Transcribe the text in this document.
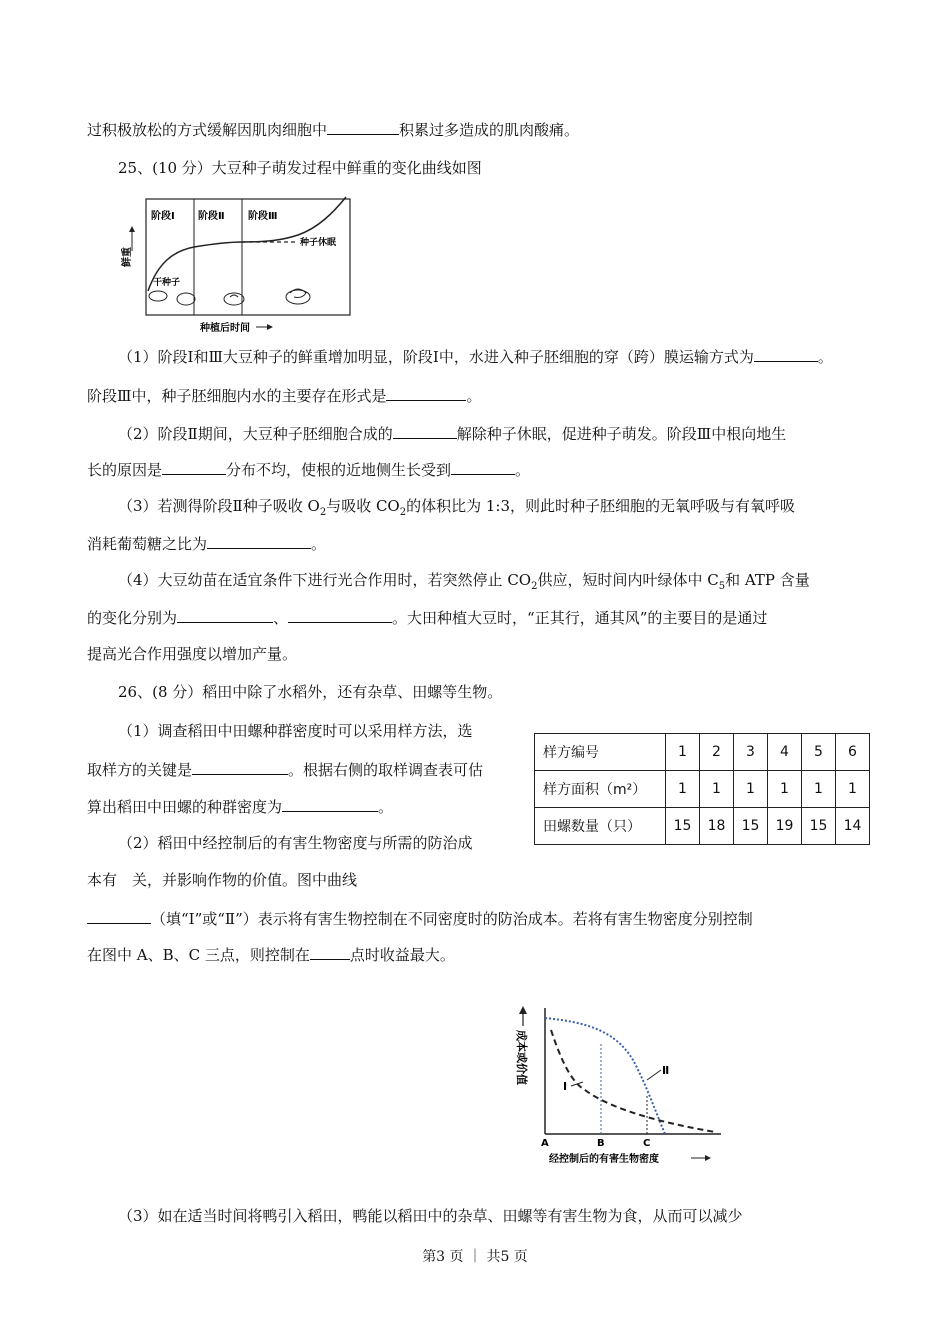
过积极放松的方式缓解因肌肉细胞中	积累过多造成的肌肉酸痛。
25、(10 分）大豆种子萌发过程中鲜重的变化曲线如图
阶段Ⅰ 阶段Ⅱ 阶段Ⅲ
鲜重
种子休眠
干种子
种植后时间
（1）阶段Ⅰ和Ⅲ大豆种子的鲜重增加明显，阶段Ⅰ中，水进入种子胚细胞的穿（跨）膜运输方式为	。
阶段Ⅲ中，种子胚细胞内水的主要存在形式是	。
（2）阶段Ⅱ期间，大豆种子胚细胞合成的	解除种子休眠，促进种子萌发。阶段Ⅲ中根向地生
长的原因是	分布不均，使根的近地侧生长受到	。
（3）若测得阶段Ⅱ种子吸收 $O_2$与吸收 $CO_2$的体积比为 1:3，则此时种子胚细胞的无氧呼吸与有氧呼吸
消耗葡萄糖之比为	。
（4）大豆幼苗在适宜条件下进行光合作用时，若突然停止 $CO_2$供应，短时间内叶绿体中 $C_5$和 ATP 含量
的变化分别为	、	。大田种植大豆时，“正其行，通其风”的主要目的是通过
提高光合作用强度以增加产量。
26、(8 分）稻田中除了水稻外，还有杂草、田螺等生物。
（1）调查稻田中田螺种群密度时可以采用样方法，选
取样方的关键是	。根据右侧的取样调查表可估
算出稻田中田螺的种群密度为	。
（2）稻田中经控制后的有害生物密度与所需的防治成
本有　关，并影响作物的价值。图中曲线
（填“Ⅰ”或“Ⅱ”）表示将有害生物控制在不同密度时的防治成本。若将有害生物密度分别控制
在图中 A、B、C 三点，则控制在	点时收益最大。
样方编号	1	2	3	4	5	6
样方面积（m²）	1	1	1	1	1	1
田螺数量（只）	15	18	15	19	15	14
成本或价值	Ⅱ
Ⅰ
A	B	C
经控制后的有害生物密度
（3）如在适当时间将鸭引入稻田，鸭能以稻田中的杂草、田螺等有害生物为食，从而可以减少
第3 页 ｜ 共5 页
